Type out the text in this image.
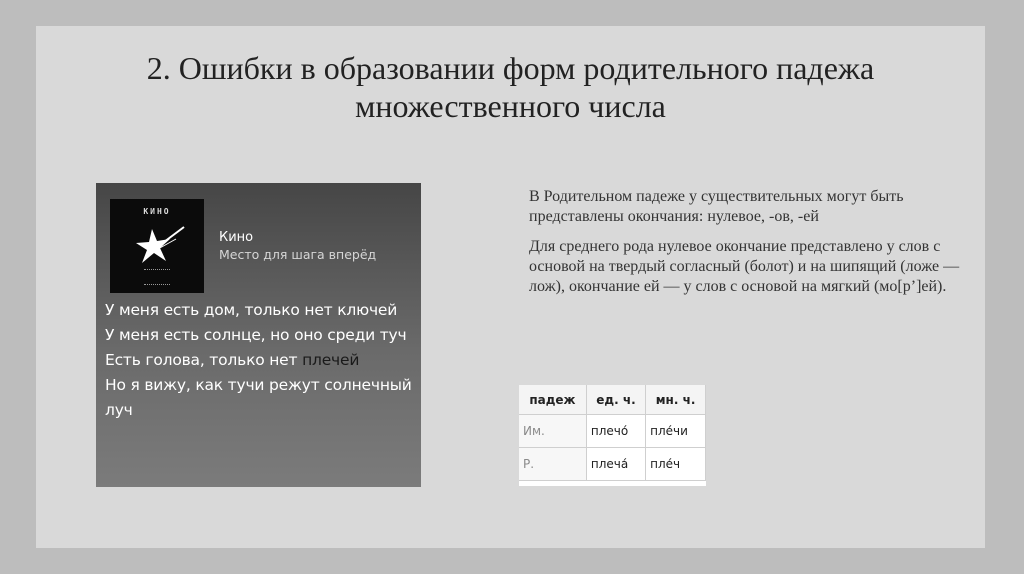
2. Ошибки в образовании форм родительного падежа
множественного числа
КИНО
Кино
Место для шага вперёд
У меня есть дом, только нет ключей
У меня есть солнце, но оно среди туч
Есть голова, только нет плечей
Но я вижу, как тучи режут солнечный луч

В Родительном падеже у существительных могут быть представлены окончания: нулевое, -ов, -ей

Для среднего рода нулевое окончание представлено у слов с основой на твердый согласный (болот) и на шипящий (ложе — лож), окончание ей — у слов с основой на мягкий (мо[р’]ей).

падеж	ед. ч.	мн. ч.
Им.	плечо́	пле́чи
Р.	плеча́	пле́ч
